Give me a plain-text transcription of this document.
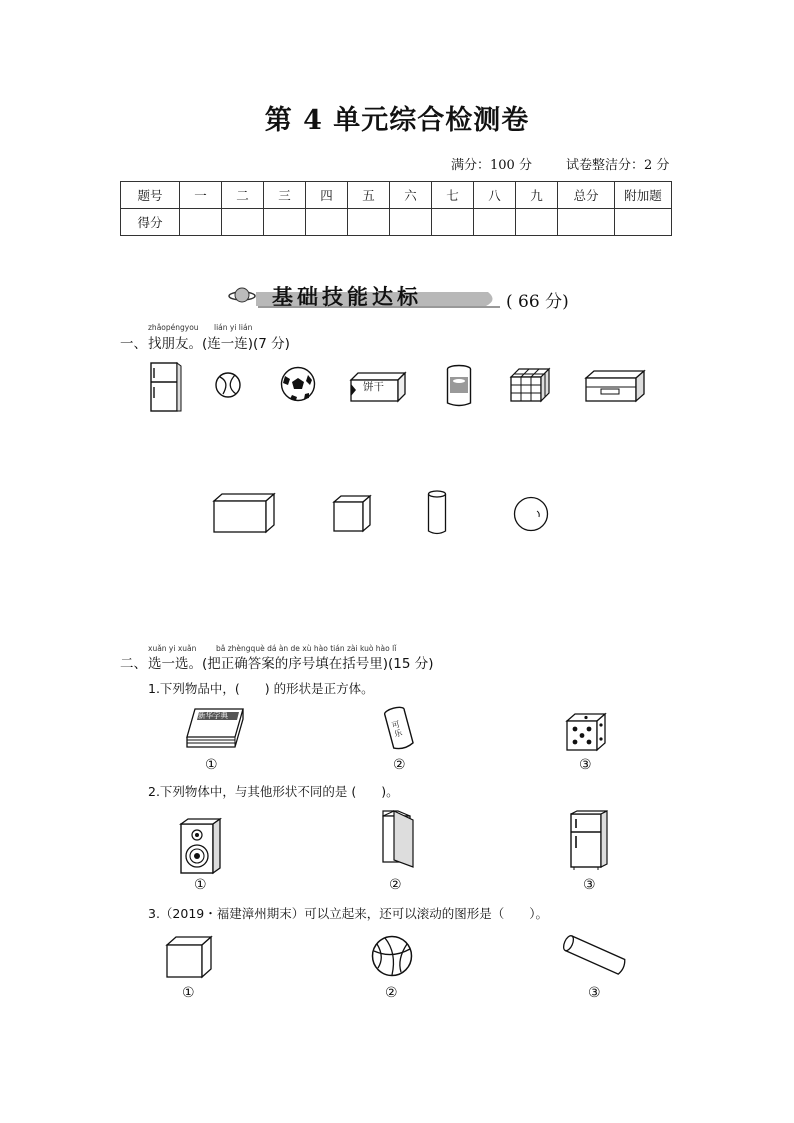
第 4 单元综合检测卷
满分：100 分	试卷整洁分：2 分
题号	一	二	三	四	五	六	七	八	九	总分	附加题
得分											
基础技能达标	( 66 分)
zhǎopéngyou lián yi lián
一、 找朋友。(连一连)(7 分)
饼干
xuǎn yi xuǎn	bǎ zhèngquè dá àn de xù hào tián zài kuò hào lǐ
二、 选一选。(把正确答案的序号填在括号里)(15 分)
1.下列物品中，(　　) 的形状是正方体。
新华字典
可乐
①	②	③
2.下列物体中，与其他形状不同的是 (　　)。
①	②	③
3.（2019・福建漳州期末）可以立起来，还可以滚动的图形是（　　）。
①	②	③
